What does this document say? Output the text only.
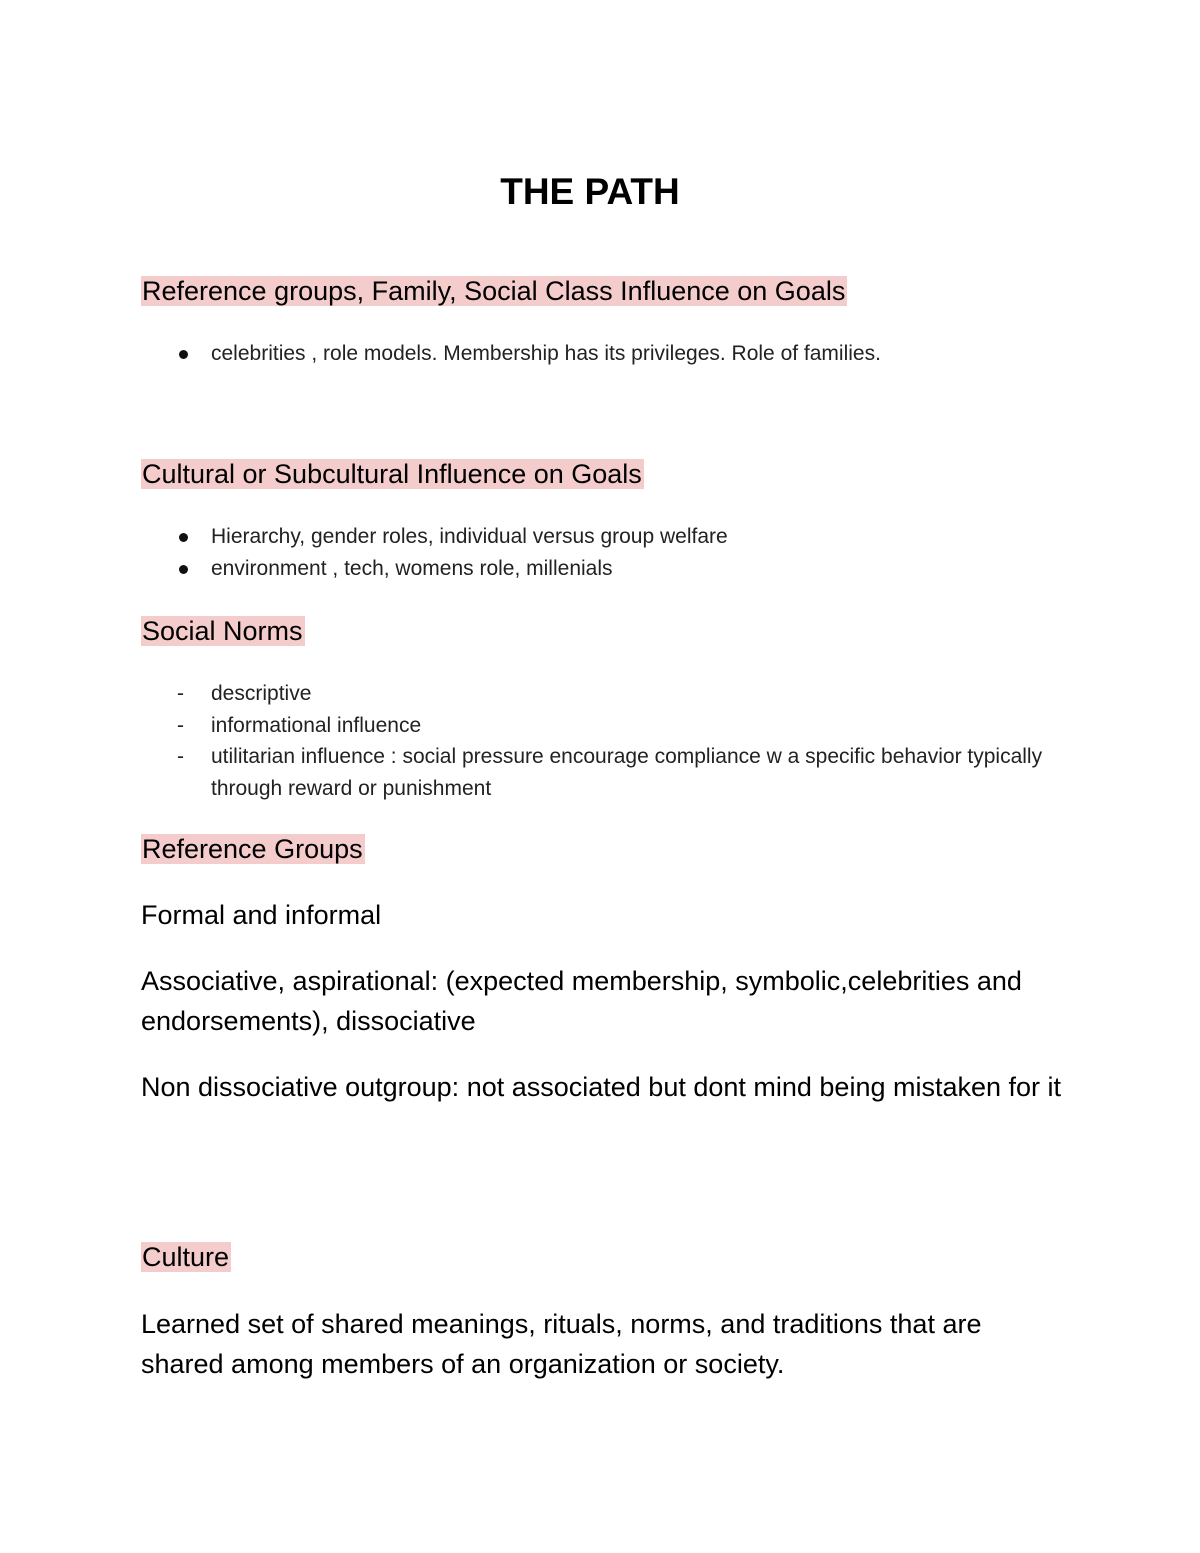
THE PATH
Reference groups, Family, Social Class Influence on Goals
celebrities , role models. Membership has its privileges. Role of families.
Cultural or Subcultural Influence on Goals
Hierarchy, gender roles, individual versus group welfare
environment , tech, womens role, millenials
Social Norms
-	descriptive
-	informational influence
-	utilitarian influence : social pressure encourage compliance w a specific behavior typically through reward or punishment
Reference Groups

Formal and informal

Associative, aspirational: (expected membership, symbolic,celebrities and endorsements), dissociative

Non dissociative outgroup: not associated but dont mind being mistaken for it

Culture

Learned set of shared meanings, rituals, norms, and traditions that are shared among members of an organization or society.
